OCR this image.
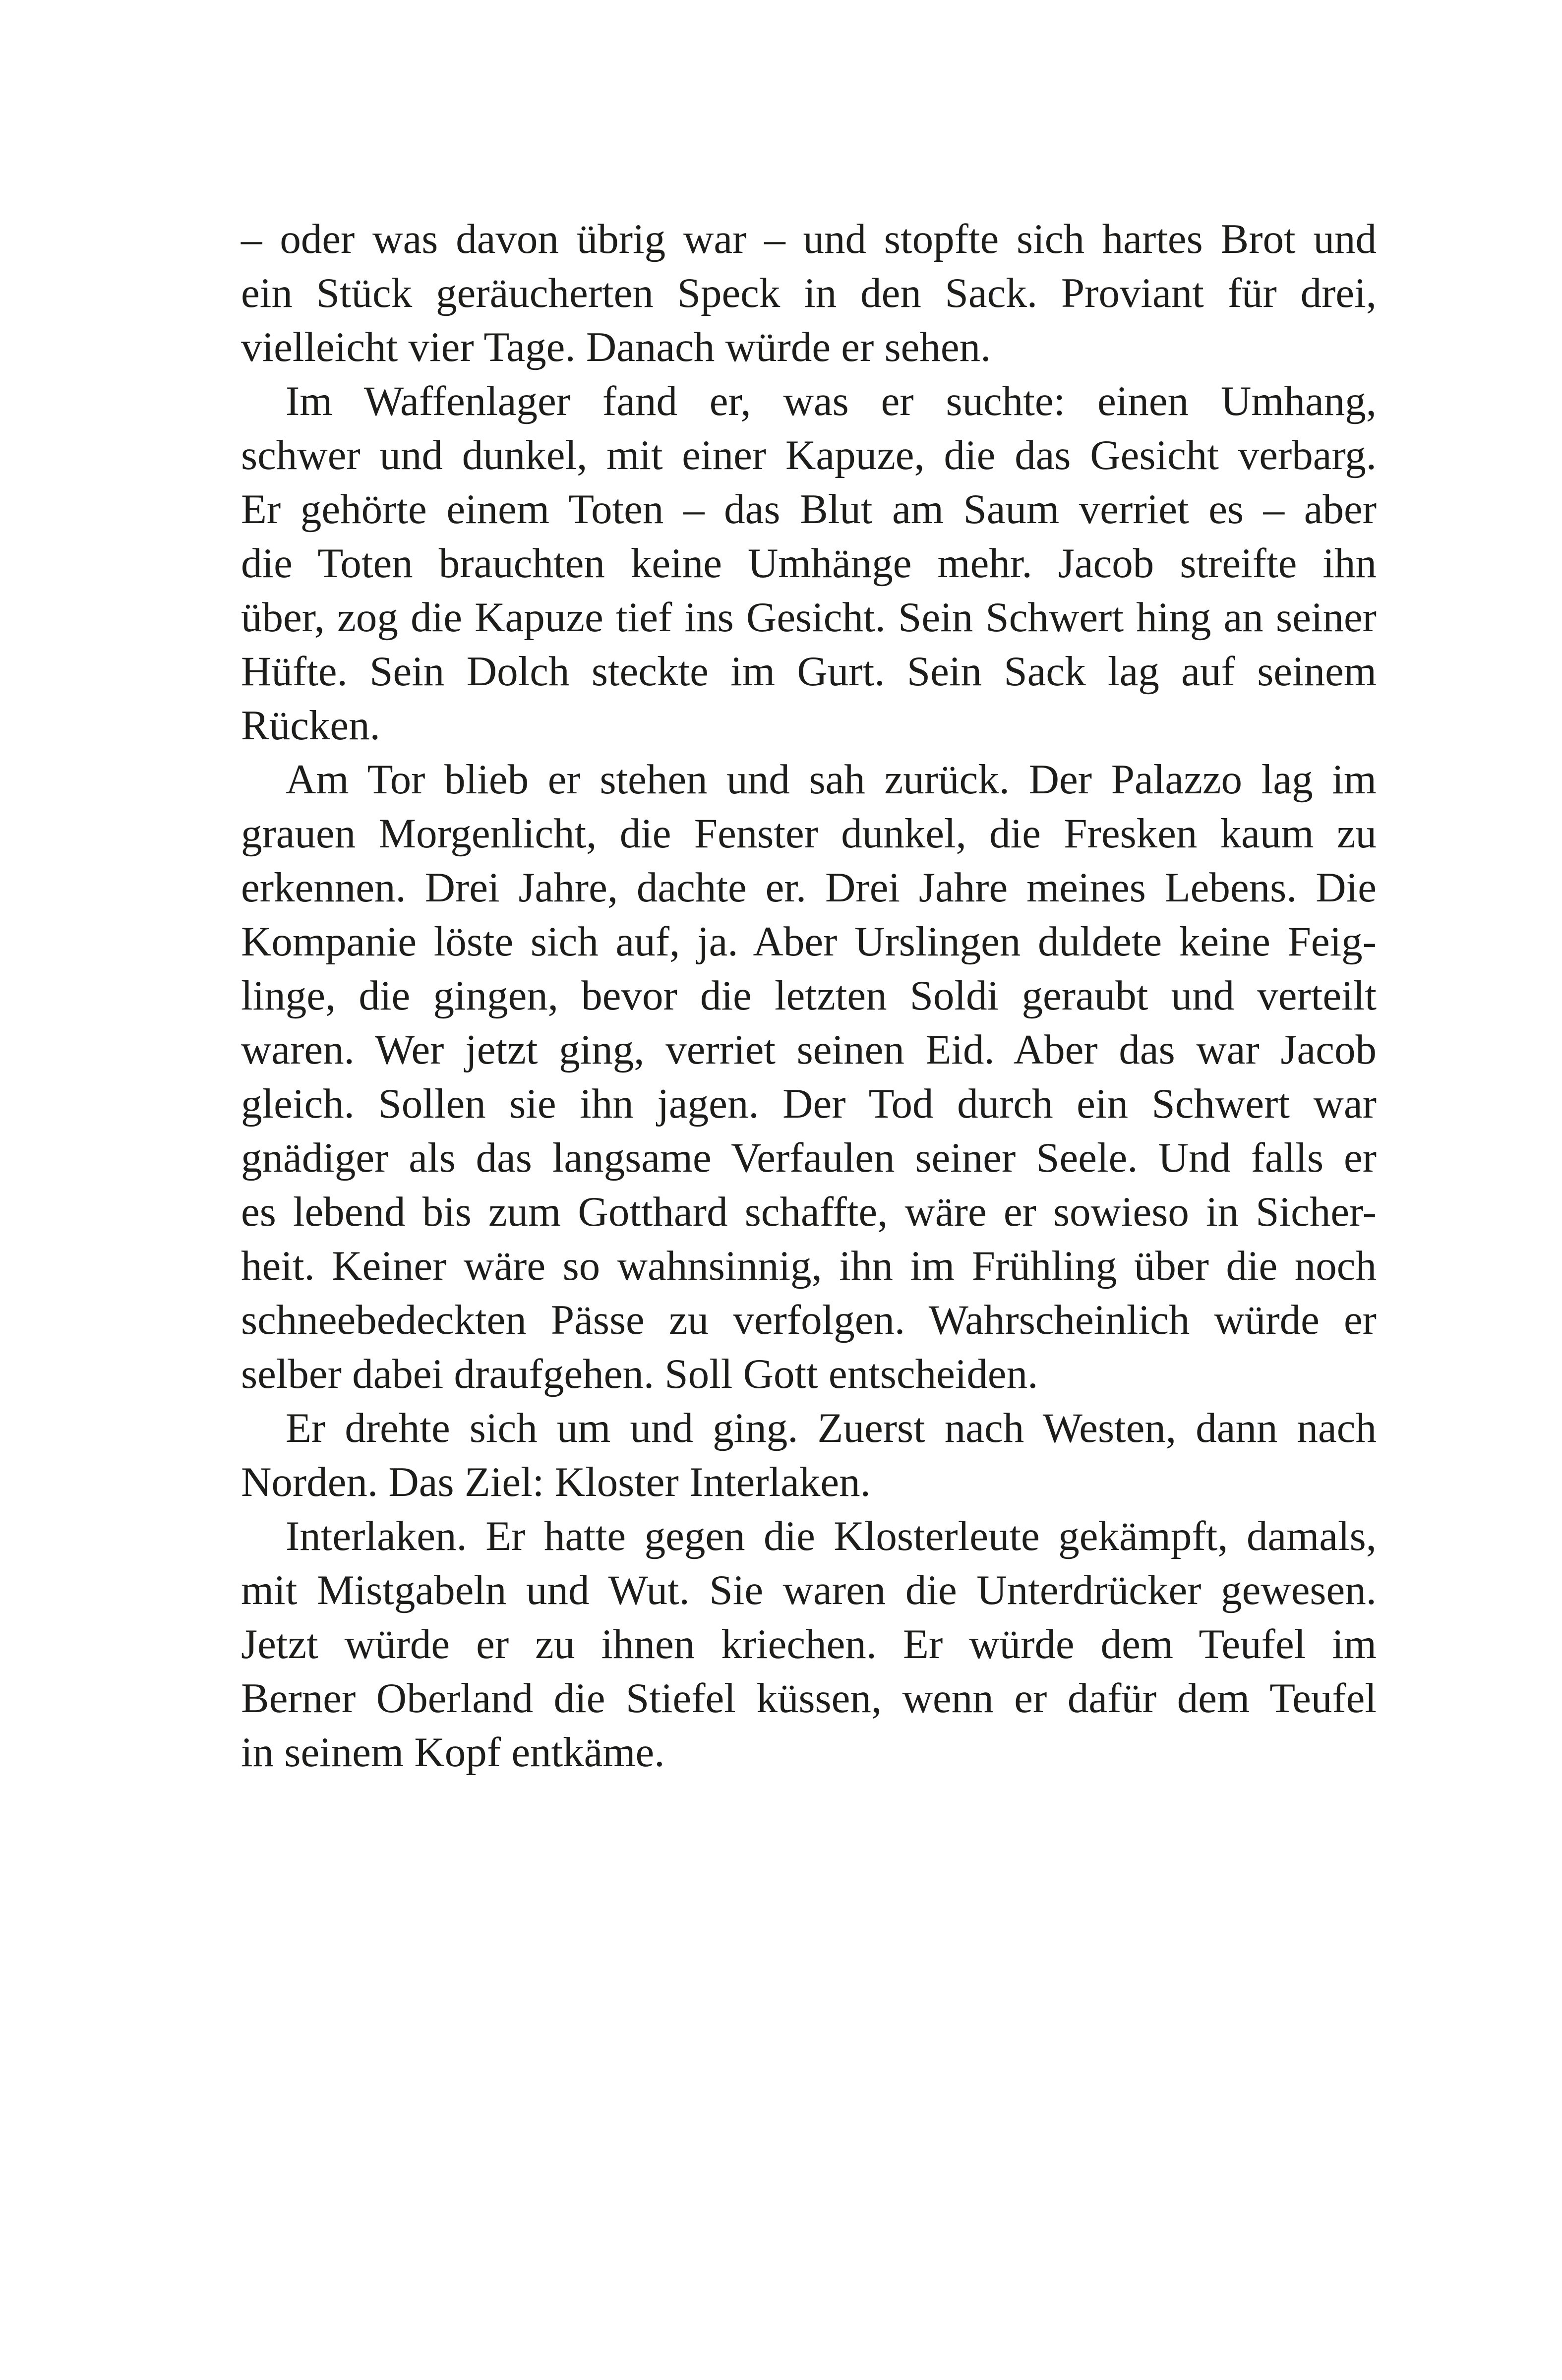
– oder was davon übrig war – und stopfte sich hartes Brot und
ein Stück geräucherten Speck in den Sack. Proviant für drei,
vielleicht vier Tage. Danach würde er sehen.
Im Waffenlager fand er, was er suchte: einen Umhang,
schwer und dunkel, mit einer Kapuze, die das Gesicht verbarg.
Er gehörte einem Toten – das Blut am Saum verriet es – aber
die Toten brauchten keine Umhänge mehr. Jacob streifte ihn
über, zog die Kapuze tief ins Gesicht. Sein Schwert hing an seiner
Hüfte. Sein Dolch steckte im Gurt. Sein Sack lag auf seinem
Rücken.
Am Tor blieb er stehen und sah zurück. Der Palazzo lag im
grauen Morgenlicht, die Fenster dunkel, die Fresken kaum zu
erkennen. Drei Jahre, dachte er. Drei Jahre meines Lebens. Die
Kompanie löste sich auf, ja. Aber Urslingen duldete keine Feig-
linge, die gingen, bevor die letzten Soldi geraubt und verteilt
waren. Wer jetzt ging, verriet seinen Eid. Aber das war Jacob
gleich. Sollen sie ihn jagen. Der Tod durch ein Schwert war
gnädiger als das langsame Verfaulen seiner Seele. Und falls er
es lebend bis zum Gotthard schaffte, wäre er sowieso in Sicher-
heit. Keiner wäre so wahnsinnig, ihn im Frühling über die noch
schneebedeckten Pässe zu verfolgen. Wahrscheinlich würde er
selber dabei draufgehen. Soll Gott entscheiden.
Er drehte sich um und ging. Zuerst nach Westen, dann nach
Norden. Das Ziel: Kloster Interlaken.
Interlaken. Er hatte gegen die Klosterleute gekämpft, damals,
mit Mistgabeln und Wut. Sie waren die Unterdrücker gewesen.
Jetzt würde er zu ihnen kriechen. Er würde dem Teufel im
Berner Oberland die Stiefel küssen, wenn er dafür dem Teufel
in seinem Kopf entkäme.
